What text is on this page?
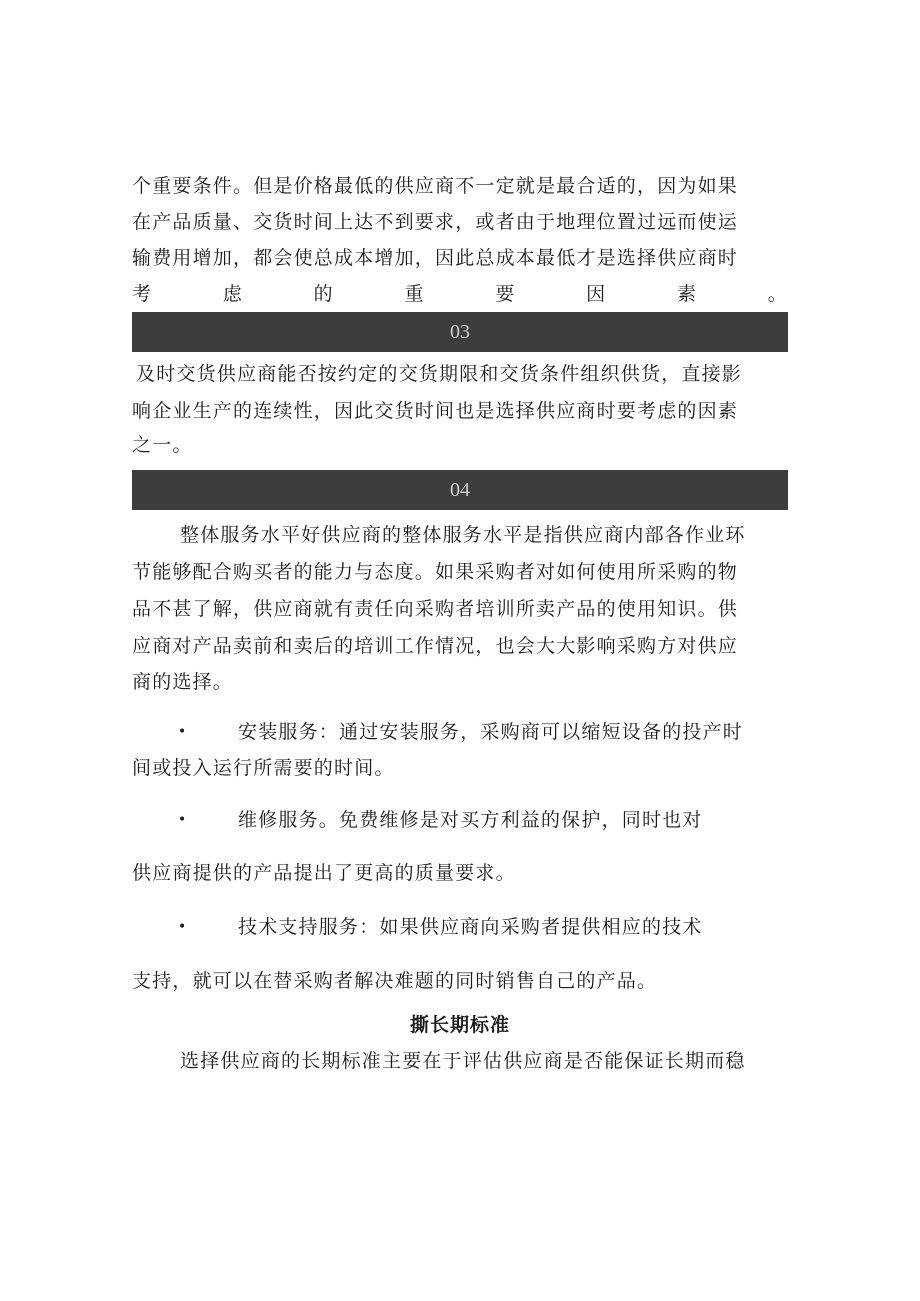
个重要条件。但是价格最低的供应商不一定就是最合适的，因为如果
在产品质量、交货时间上达不到要求，或者由于地理位置过远而使运
输费用增加，都会使总成本增加，因此总成本最低才是选择供应商时
考	虑	的	重	要	因	素	。
03
及时交货供应商能否按约定的交货期限和交货条件组织供货，直接影
响企业生产的连续性，因此交货时间也是选择供应商时要考虑的因素
之一。
04
整体服务水平好供应商的整体服务水平是指供应商内部各作业环
节能够配合购买者的能力与态度。如果采购者对如何使用所采购的物
品不甚了解，供应商就有责任向采购者培训所卖产品的使用知识。供
应商对产品卖前和卖后的培训工作情况，也会大大影响采购方对供应
商的选择。
•	安装服务：通过安装服务，采购商可以缩短设备的投产时
间或投入运行所需要的时间。
•	维修服务。免费维修是对买方利益的保护，同时也对
供应商提供的产品提出了更高的质量要求。
•	技术支持服务：如果供应商向采购者提供相应的技术
支持，就可以在替采购者解决难题的同时销售自己的产品。
撕长期标准
选择供应商的长期标准主要在于评估供应商是否能保证长期而稳
